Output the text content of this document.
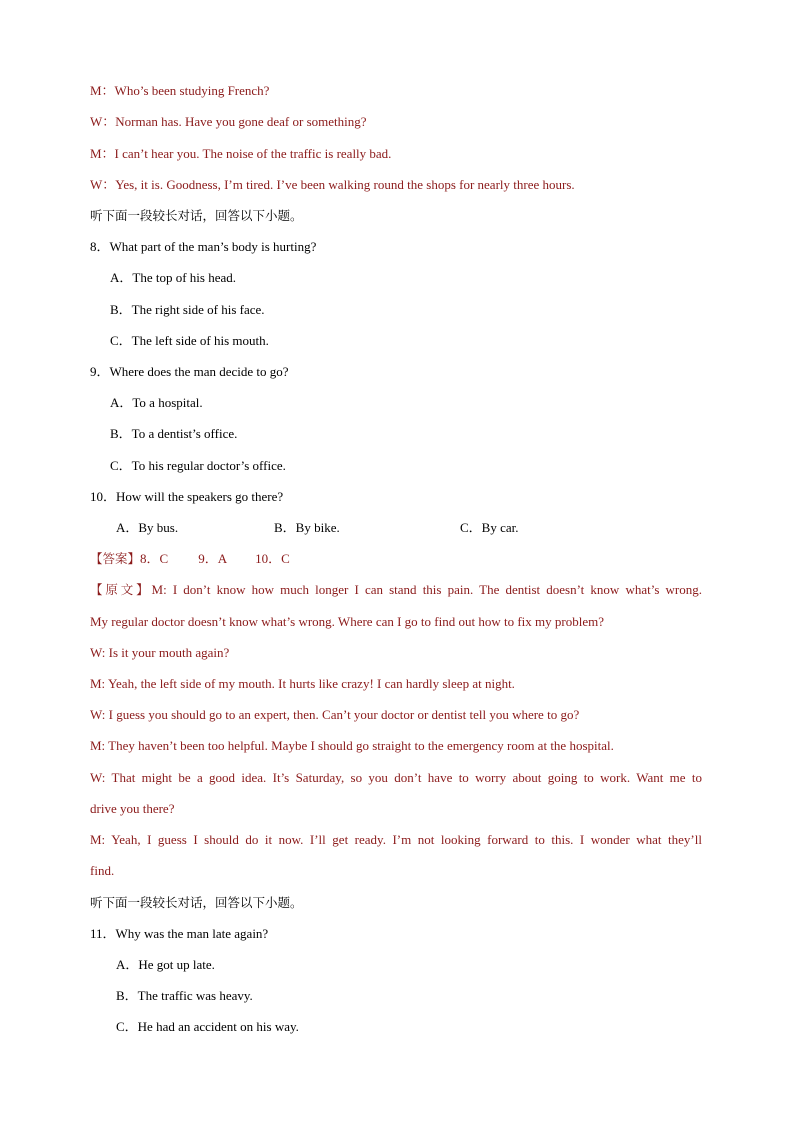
M：Who’s been studying French?
W：Norman has. Have you gone deaf or something?
M：I can’t hear you. The noise of the traffic is really bad.
W：Yes, it is. Goodness, I’m tired. I’ve been walking round the shops for nearly three hours.
听下面一段较长对话，回答以下小题。
8．What part of the man’s body is hurting?
A．The top of his head.
B．The right side of his face.
C．The left side of his mouth.
9．Where does the man decide to go?
A．To a hospital.
B．To a dentist’s office.
C．To his regular doctor’s office.
10．How will the speakers go there?
A．By bus.	B．By bike.	C．By car.
【答案】8．C 9．A 10．C
【原文】M: I don’t know how much longer I can stand this pain. The dentist doesn’t know what’s wrong.
My regular doctor doesn’t know what’s wrong. Where can I go to find out how to fix my problem?
W: Is it your mouth again?
M: Yeah, the left side of my mouth. It hurts like crazy! I can hardly sleep at night.
W: I guess you should go to an expert, then. Can’t your doctor or dentist tell you where to go?
M: They haven’t been too helpful. Maybe I should go straight to the emergency room at the hospital.
W: That might be a good idea. It’s Saturday, so you don’t have to worry about going to work. Want me to
drive you there?
M: Yeah, I guess I should do it now. I’ll get ready. I’m not looking forward to this. I wonder what they’ll
find.
听下面一段较长对话，回答以下小题。
11．Why was the man late again?
A．He got up late.
B．The traffic was heavy.
C．He had an accident on his way.
